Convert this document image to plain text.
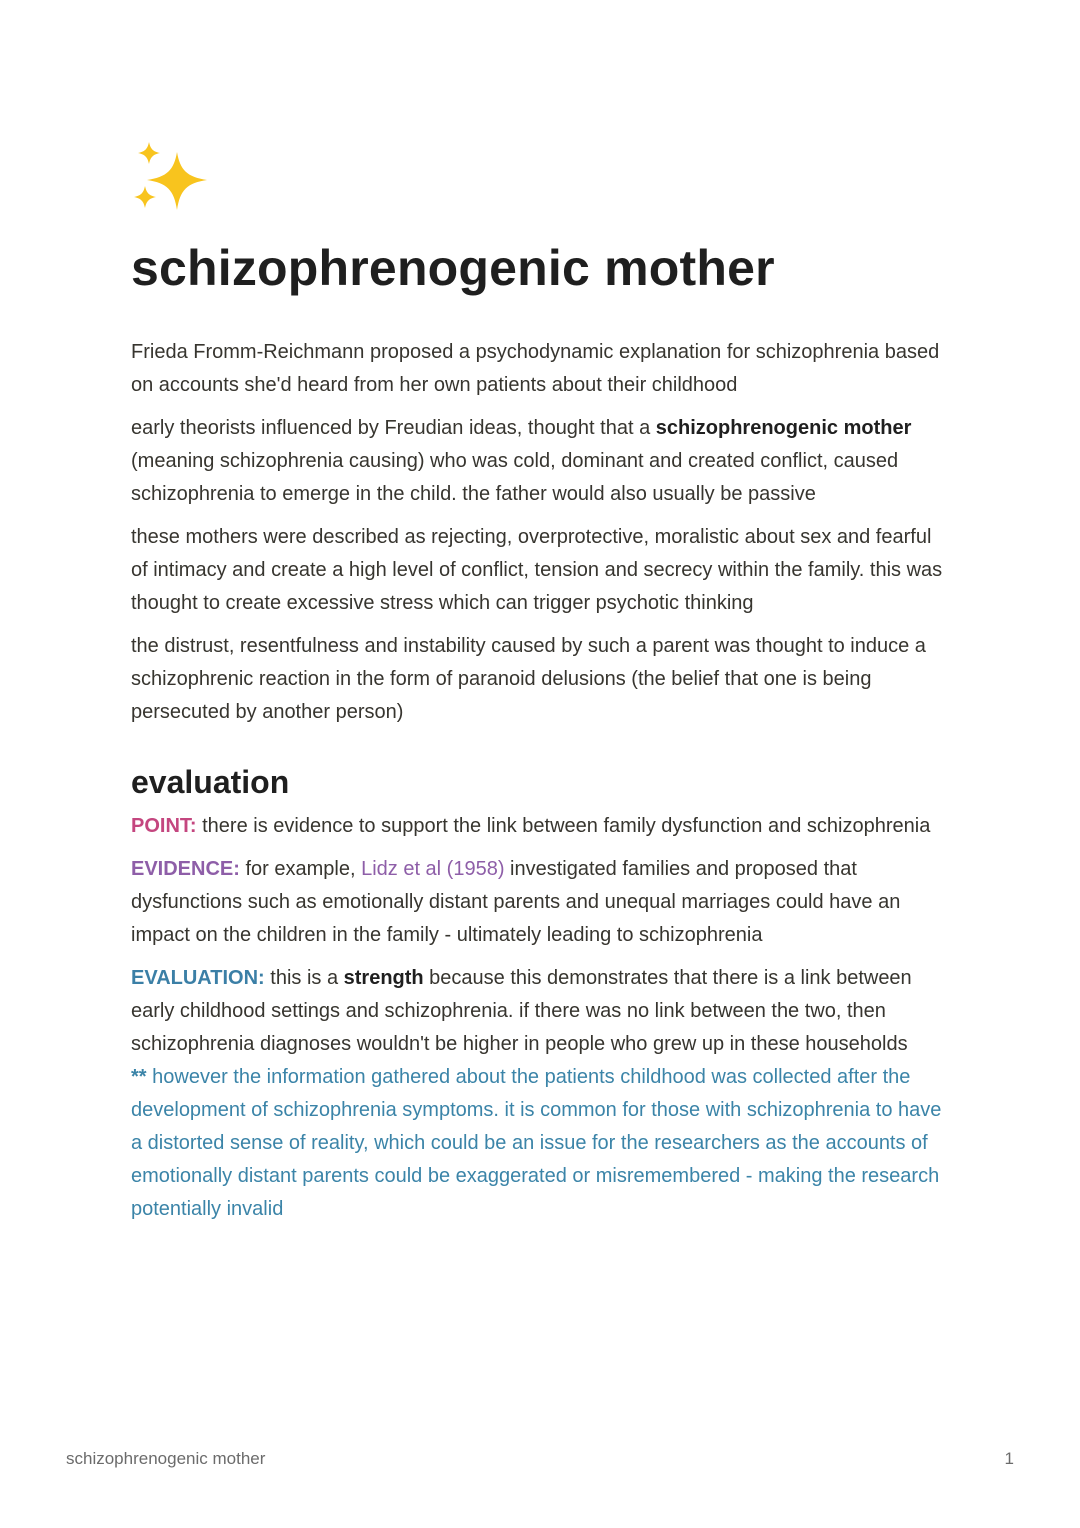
schizophrenogenic mother

Frieda Fromm-Reichmann proposed a psychodynamic explanation for schizophrenia based on accounts she'd heard from her own patients about their childhood

early theorists influenced by Freudian ideas, thought that a schizophrenogenic mother (meaning schizophrenia causing) who was cold, dominant and created conflict, caused schizophrenia to emerge in the child. the father would also usually be passive

these mothers were described as rejecting, overprotective, moralistic about sex and fearful of intimacy and create a high level of conflict, tension and secrecy within the family. this was thought to create excessive stress which can trigger psychotic thinking

the distrust, resentfulness and instability caused by such a parent was thought to induce a schizophrenic reaction in the form of paranoid delusions (the belief that one is being persecuted by another person)

evaluation

POINT: there is evidence to support the link between family dysfunction and schizophrenia

EVIDENCE: for example, Lidz et al (1958) investigated families and proposed that dysfunctions such as emotionally distant parents and unequal marriages could have an impact on the children in the family - ultimately leading to schizophrenia

EVALUATION: this is a strength because this demonstrates that there is a link between early childhood settings and schizophrenia. if there was no link between the two, then schizophrenia diagnoses wouldn't be higher in people who grew up in these households

** however the information gathered about the patients childhood was collected after the development of schizophrenia symptoms. it is common for those with schizophrenia to have a distorted sense of reality, which could be an issue for the researchers as the accounts of emotionally distant parents could be exaggerated or misremembered - making the research potentially invalid

schizophrenogenic mother	1
